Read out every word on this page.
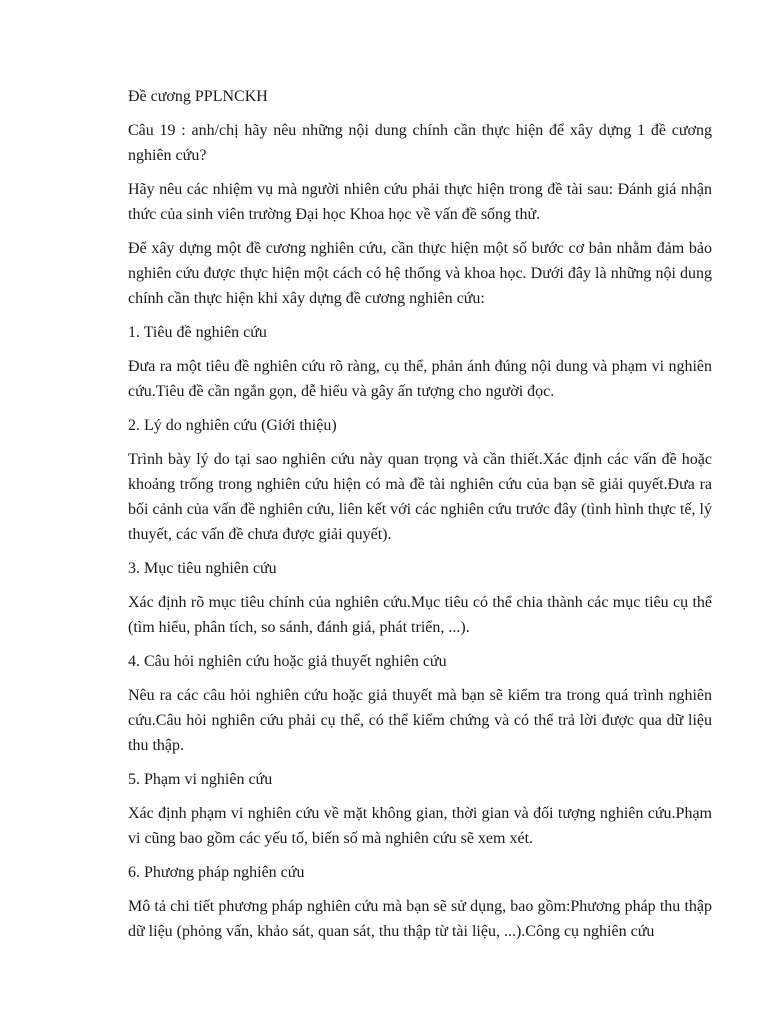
Đề cương PPLNCKH

Câu 19 : anh/chị hãy nêu những nội dung chính cần thực hiện để xây dựng 1 đề cương nghiên cứu?

Hãy nêu các nhiệm vụ mà người nhiên cứu phải thực hiện trong đề tài sau: Đánh giá nhận thức của sinh viên trường Đại học Khoa học về vấn đề sống thử.

Để xây dựng một đề cương nghiên cứu, cần thực hiện một số bước cơ bản nhằm đảm bảo nghiên cứu được thực hiện một cách có hệ thống và khoa học. Dưới đây là những nội dung chính cần thực hiện khi xây dựng đề cương nghiên cứu:

1. Tiêu đề nghiên cứu

Đưa ra một tiêu đề nghiên cứu rõ ràng, cụ thể, phản ánh đúng nội dung và phạm vi nghiên cứu.Tiêu đề cần ngắn gọn, dễ hiểu và gây ấn tượng cho người đọc.

2. Lý do nghiên cứu (Giới thiệu)

Trình bày lý do tại sao nghiên cứu này quan trọng và cần thiết.Xác định các vấn đề hoặc khoảng trống trong nghiên cứu hiện có mà đề tài nghiên cứu của bạn sẽ giải quyết.Đưa ra bối cảnh của vấn đề nghiên cứu, liên kết với các nghiên cứu trước đây (tình hình thực tế, lý thuyết, các vấn đề chưa được giải quyết).

3. Mục tiêu nghiên cứu

Xác định rõ mục tiêu chính của nghiên cứu.Mục tiêu có thể chia thành các mục tiêu cụ thể (tìm hiểu, phân tích, so sánh, đánh giá, phát triển, ...).

4. Câu hỏi nghiên cứu hoặc giả thuyết nghiên cứu

Nêu ra các câu hỏi nghiên cứu hoặc giả thuyết mà bạn sẽ kiểm tra trong quá trình nghiên cứu.Câu hỏi nghiên cứu phải cụ thể, có thể kiểm chứng và có thể trả lời được qua dữ liệu thu thập.

5. Phạm vi nghiên cứu

Xác định phạm vi nghiên cứu về mặt không gian, thời gian và đối tượng nghiên cứu.Phạm vi cũng bao gồm các yếu tố, biến số mà nghiên cứu sẽ xem xét.

6. Phương pháp nghiên cứu

Mô tả chi tiết phương pháp nghiên cứu mà bạn sẽ sử dụng, bao gồm:Phương pháp thu thập dữ liệu (phỏng vấn, khảo sát, quan sát, thu thập từ tài liệu, ...).Công cụ nghiên cứu
